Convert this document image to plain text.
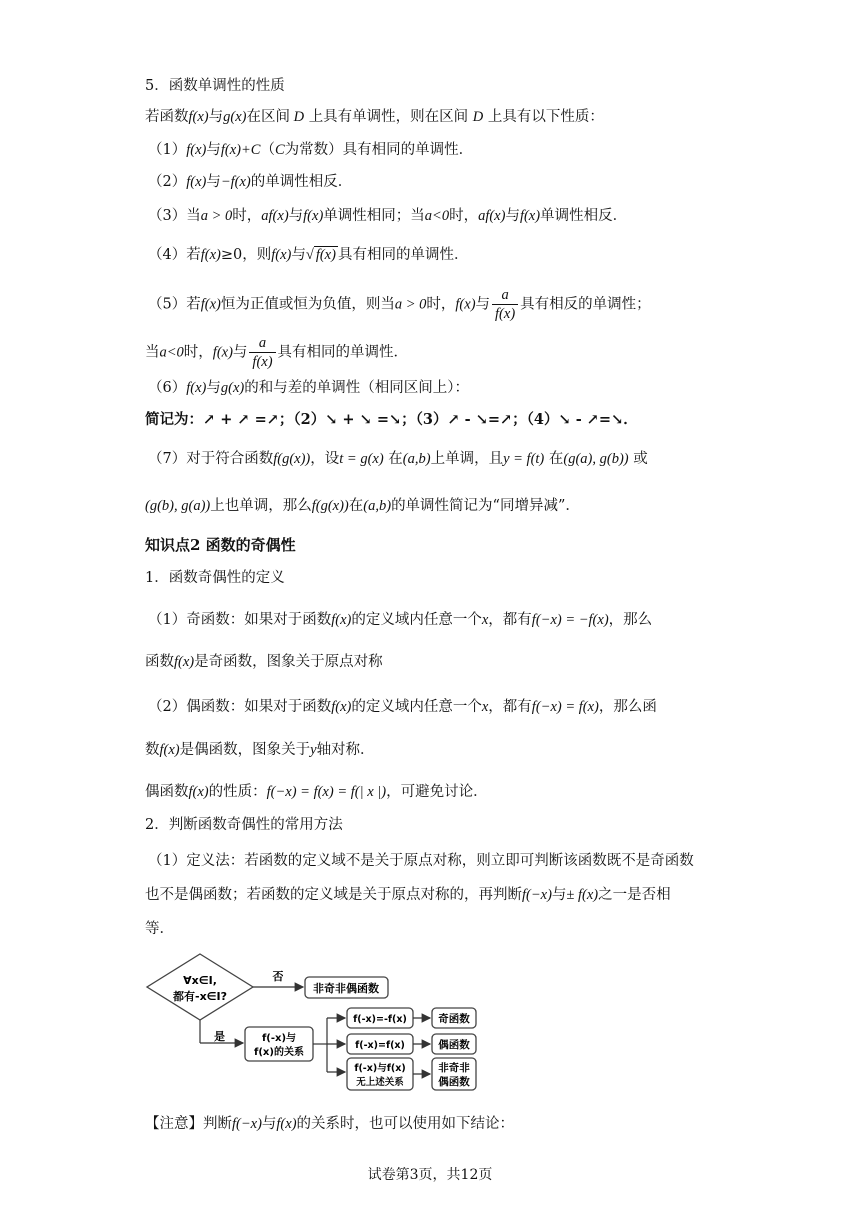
5．函数单调性的性质
若函数f(x)与g(x)在区间 D 上具有单调性，则在区间 D 上具有以下性质：
（1）f(x)与f(x)+C（C为常数）具有相同的单调性．
（2）f(x)与−f(x)的单调性相反．
（3）当a > 0时，af(x)与f(x)单调性相同；当a<0时，af(x)与f(x)单调性相反．
（4）若f(x)≥0，则f(x)与√ f(x) 具有相同的单调性．
（5）若f(x)恒为正值或恒为负值，则当a > 0时，f(x)与 $\frac{a}{f(x)}$ 具有相反的单调性；
当a<0时，f(x)与 $\frac{a}{f(x)}$ 具有相同的单调性．
（6）f(x)与g(x)的和与差的单调性（相同区间上）：
简记为：↗ + ↗ =↗；（2）↘ + ↘ =↘；（3）↗ - ↘=↗；（4）↘ - ↗=↘．
（7）对于符合函数f(g(x))，设t = g(x) 在(a,b)上单调，且y = f(t) 在(g(a), g(b)) 或
(g(b), g(a))上也单调，那么f(g(x))在(a,b)的单调性简记为“同增异减”．
知识点2 函数的奇偶性
1．函数奇偶性的定义
（1）奇函数：如果对于函数f(x)的定义域内任意一个x，都有f(−x) = −f(x)，那么
函数f(x)是奇函数，图象关于原点对称
（2）偶函数：如果对于函数f(x)的定义域内任意一个x，都有f(−x) = f(x)，那么函
数f(x)是偶函数，图象关于y轴对称．
偶函数f(x)的性质：f(−x) = f(x) = f(| x |)，可避免讨论．
2．判断函数奇偶性的常用方法
（1）定义法：若函数的定义域不是关于原点对称，则立即可判断该函数既不是奇函数
也不是偶函数；若函数的定义域是关于原点对称的，再判断f(−x)与± f(x)之一是否相
等．
∀x∈I,
都有-x∈I?
否
非奇非偶函数
是	f(-x)与
f(x)的关系
f(-x)=-f(x)
f(-x)=f(x)
f(-x)与f(x)
无上述关系
奇函数
偶函数
非奇非
偶函数
【注意】判断f(−x)与f(x)的关系时，也可以使用如下结论：
试卷第3页，共12页
